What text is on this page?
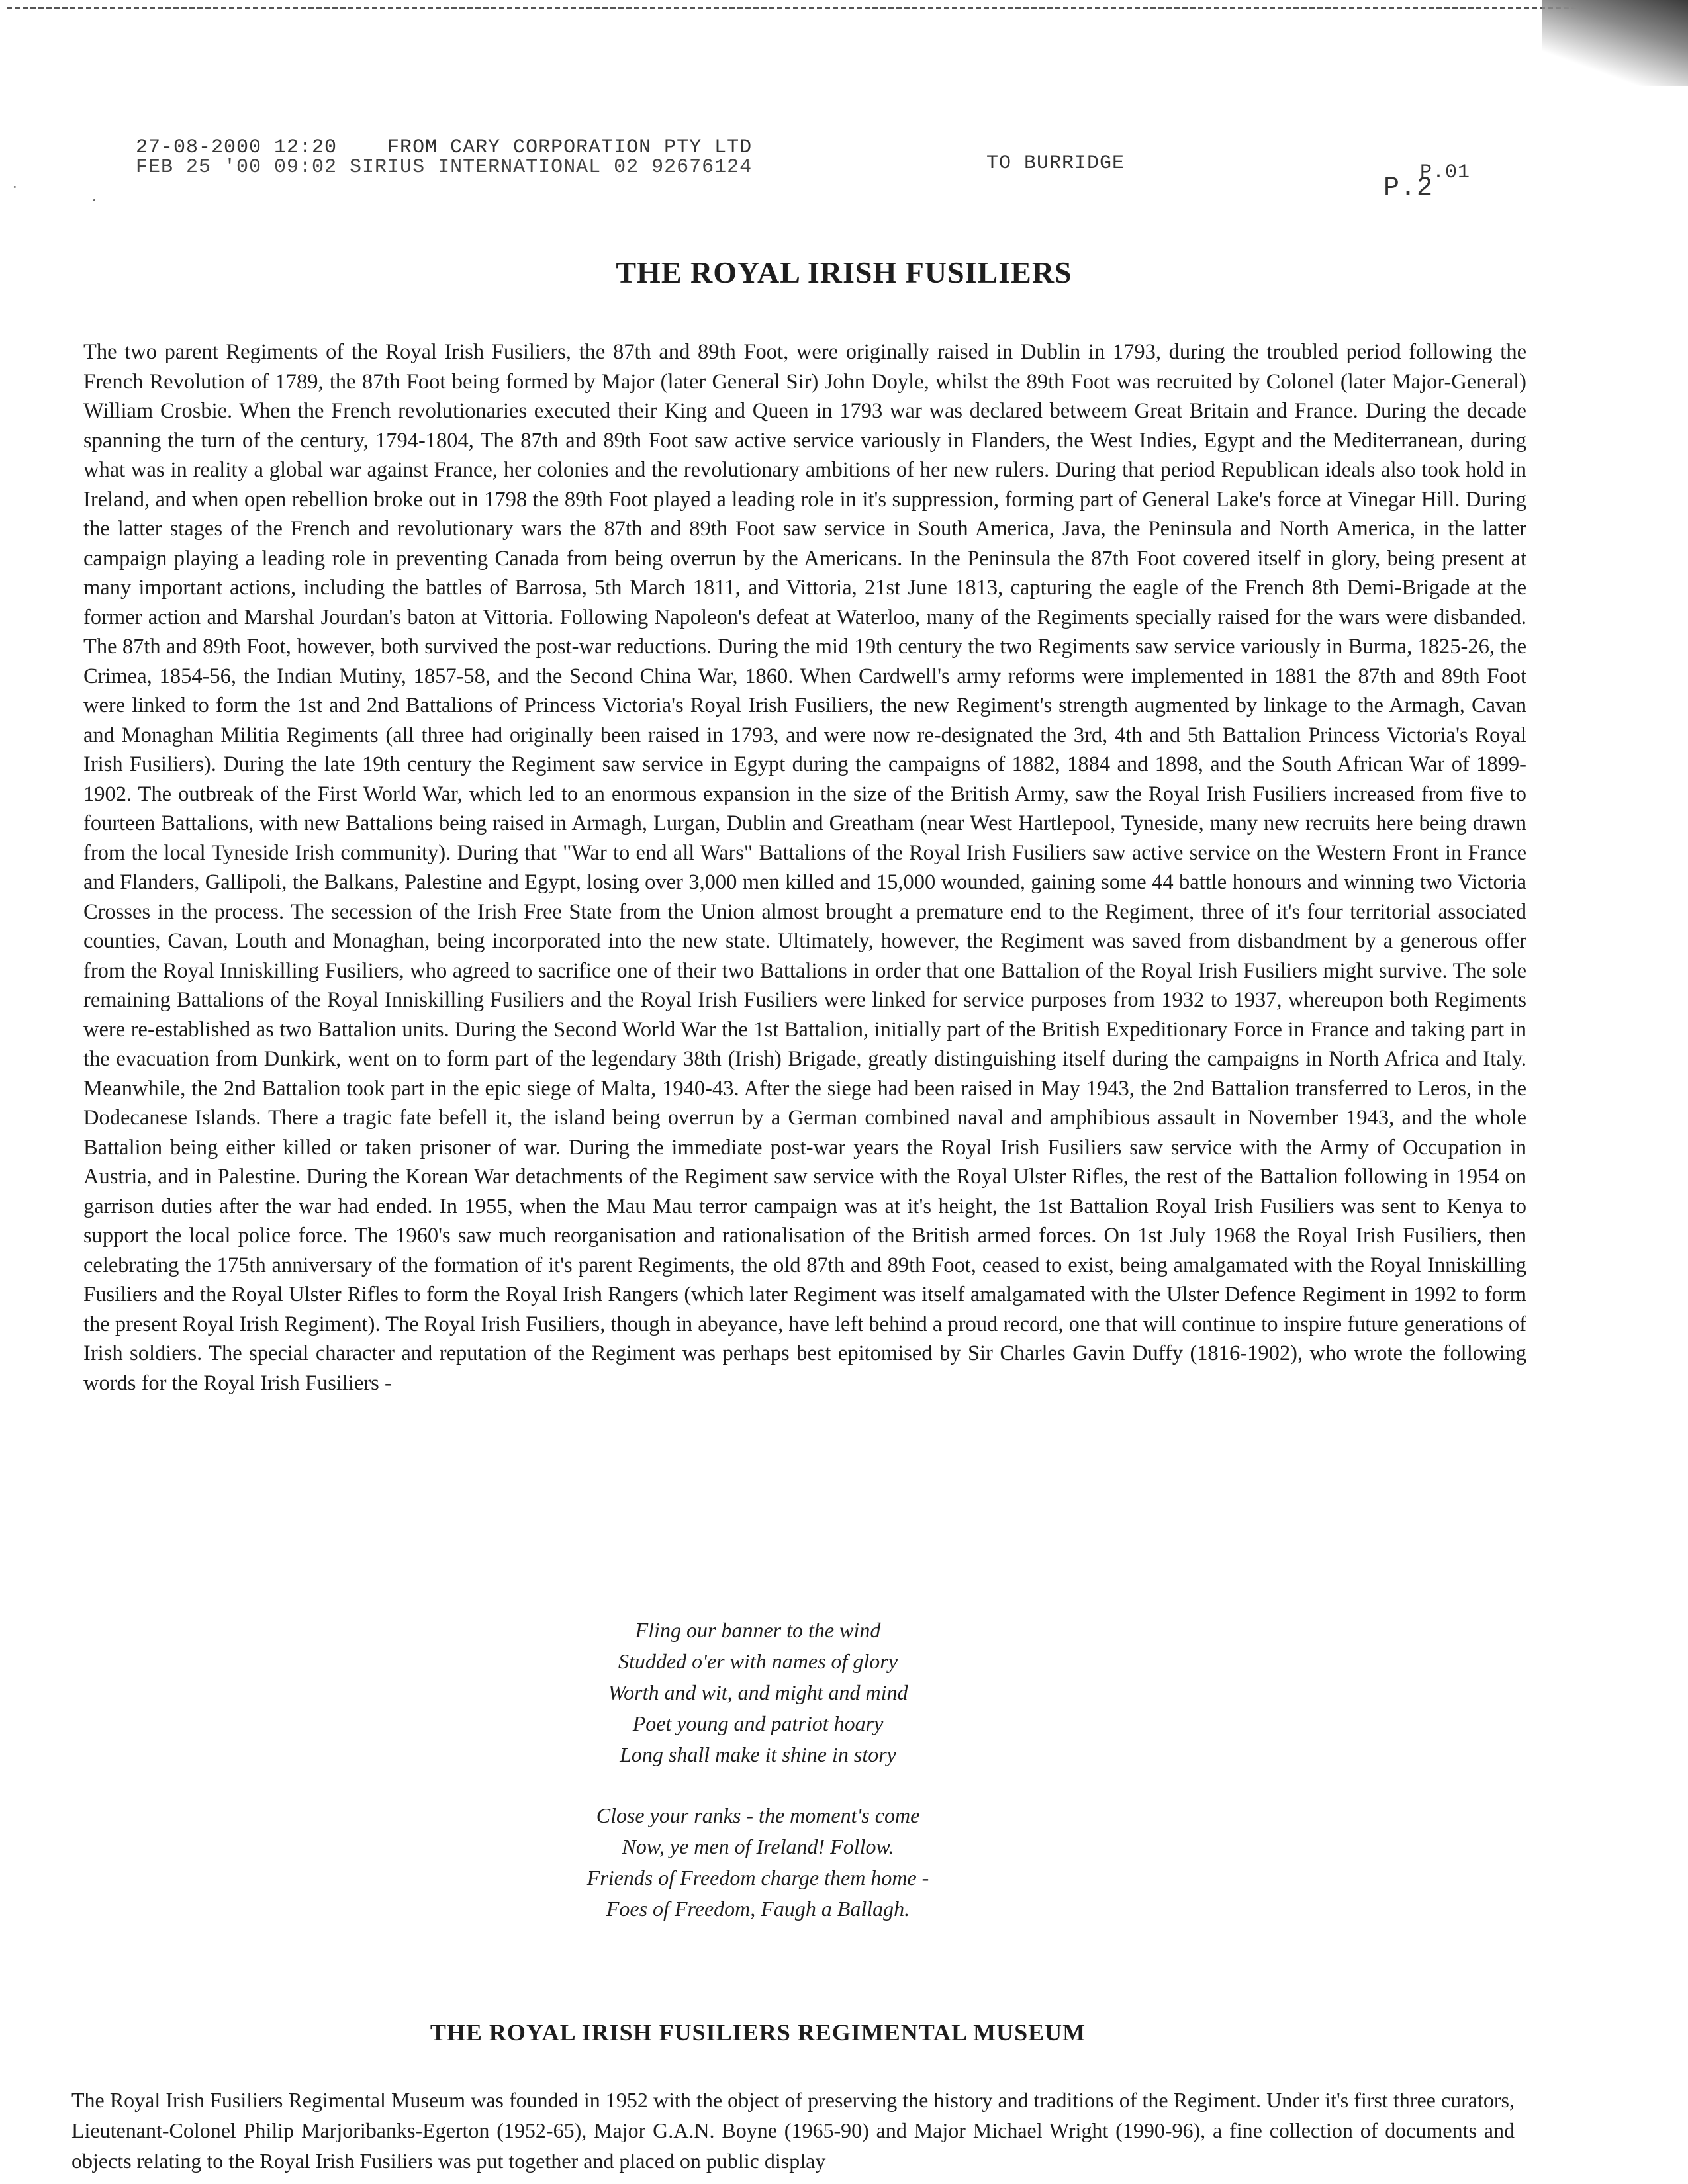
27-08-2000 12:20    FROM CARY CORPORATION PTY LTD
FEB 25 '00 09:02 SIRIUS INTERNATIONAL 02 92676124	TO BURRIDGE	P.01
P.2
·
·
THE ROYAL IRISH FUSILIERS

The two parent Regiments of the Royal Irish Fusiliers, the 87th and 89th Foot, were originally raised in Dublin in 1793, during the troubled period following the French Revolution of 1789, the 87th Foot being formed by Major (later General Sir) John Doyle, whilst the 89th Foot was recruited by Colonel (later Major-General) William Crosbie. When the French revolutionaries executed their King and Queen in 1793 war was declared betweem Great Britain and France. During the decade spanning the turn of the century, 1794-1804, The 87th and 89th Foot saw active service variously in Flanders, the West Indies, Egypt and the Mediterranean, during what was in reality a global war against France, her colonies and the revolutionary ambitions of her new rulers. During that period Republican ideals also took hold in Ireland, and when open rebellion broke out in 1798 the 89th Foot played a leading role in it's suppression, forming part of General Lake's force at Vinegar Hill. During the latter stages of the French and revolutionary wars the 87th and 89th Foot saw service in South America, Java, the Peninsula and North America, in the latter campaign playing a leading role in preventing Canada from being overrun by the Americans. In the Peninsula the 87th Foot covered itself in glory, being present at many important actions, including the battles of Barrosa, 5th March 1811, and Vittoria, 21st June 1813, capturing the eagle of the French 8th Demi-Brigade at the former action and Marshal Jourdan's baton at Vittoria. Following Napoleon's defeat at Waterloo, many of the Regiments specially raised for the wars were disbanded. The 87th and 89th Foot, however, both survived the post-war reductions. During the mid 19th century the two Regiments saw service variously in Burma, 1825-26, the Crimea, 1854-56, the Indian Mutiny, 1857-58, and the Second China War, 1860. When Cardwell's army reforms were implemented in 1881 the 87th and 89th Foot were linked to form the 1st and 2nd Battalions of Princess Victoria's Royal Irish Fusiliers, the new Regiment's strength augmented by linkage to the Armagh, Cavan and Monaghan Militia Regiments (all three had originally been raised in 1793, and were now re-designated the 3rd, 4th and 5th Battalion Princess Victoria's Royal Irish Fusiliers). During the late 19th century the Regiment saw service in Egypt during the campaigns of 1882, 1884 and 1898, and the South African War of 1899-1902. The outbreak of the First World War, which led to an enormous expansion in the size of the British Army, saw the Royal Irish Fusiliers increased from five to fourteen Battalions, with new Battalions being raised in Armagh, Lurgan, Dublin and Greatham (near West Hartlepool, Tyneside, many new recruits here being drawn from the local Tyneside Irish community). During that "War to end all Wars" Battalions of the Royal Irish Fusiliers saw active service on the Western Front in France and Flanders, Gallipoli, the Balkans, Palestine and Egypt, losing over 3,000 men killed and 15,000 wounded, gaining some 44 battle honours and winning two Victoria Crosses in the process. The secession of the Irish Free State from the Union almost brought a premature end to the Regiment, three of it's four territorial associated counties, Cavan, Louth and Monaghan, being incorporated into the new state. Ultimately, however, the Regiment was saved from disbandment by a generous offer from the Royal Inniskilling Fusiliers, who agreed to sacrifice one of their two Battalions in order that one Battalion of the Royal Irish Fusiliers might survive. The sole remaining Battalions of the Royal Inniskilling Fusiliers and the Royal Irish Fusiliers were linked for service purposes from 1932 to 1937, whereupon both Regiments were re-established as two Battalion units. During the Second World War the 1st Battalion, initially part of the British Expeditionary Force in France and taking part in the evacuation from Dunkirk, went on to form part of the legendary 38th (Irish) Brigade, greatly distinguishing itself during the campaigns in North Africa and Italy. Meanwhile, the 2nd Battalion took part in the epic siege of Malta, 1940-43. After the siege had been raised in May 1943, the 2nd Battalion transferred to Leros, in the Dodecanese Islands. There a tragic fate befell it, the island being overrun by a German combined naval and amphibious assault in November 1943, and the whole Battalion being either killed or taken prisoner of war. During the immediate post-war years the Royal Irish Fusiliers saw service with the Army of Occupation in Austria, and in Palestine. During the Korean War detachments of the Regiment saw service with the Royal Ulster Rifles, the rest of the Battalion following in 1954 on garrison duties after the war had ended. In 1955, when the Mau Mau terror campaign was at it's height, the 1st Battalion Royal Irish Fusiliers was sent to Kenya to support the local police force. The 1960's saw much reorganisation and rationalisation of the British armed forces. On 1st July 1968 the Royal Irish Fusiliers, then celebrating the 175th anniversary of the formation of it's parent Regiments, the old 87th and 89th Foot, ceased to exist, being amalgamated with the Royal Inniskilling Fusiliers and the Royal Ulster Rifles to form the Royal Irish Rangers (which later Regiment was itself amalgamated with the Ulster Defence Regiment in 1992 to form the present Royal Irish Regiment). The Royal Irish Fusiliers, though in abeyance, have left behind a proud record, one that will continue to inspire future generations of Irish soldiers. The special character and reputation of the Regiment was perhaps best epitomised by Sir Charles Gavin Duffy (1816-1902), who wrote the following words for the Royal Irish Fusiliers -

Fling our banner to the wind
Studded o'er with names of glory
Worth and wit, and might and mind
Poet young and patriot hoary
Long shall make it shine in story
Close your ranks - the moment's come
Now, ye men of Ireland! Follow.
Friends of Freedom charge them home -
Foes of Freedom, Faugh a Ballagh.
THE ROYAL IRISH FUSILIERS REGIMENTAL MUSEUM

The Royal Irish Fusiliers Regimental Museum was founded in 1952 with the object of preserving the history and traditions of the Regiment. Under it's first three curators, Lieutenant-Colonel Philip Marjoribanks-Egerton (1952-65), Major G.A.N. Boyne (1965-90) and Major Michael Wright (1990-96), a fine collection of documents and objects relating to the Royal Irish Fusiliers was put together and placed on public display
